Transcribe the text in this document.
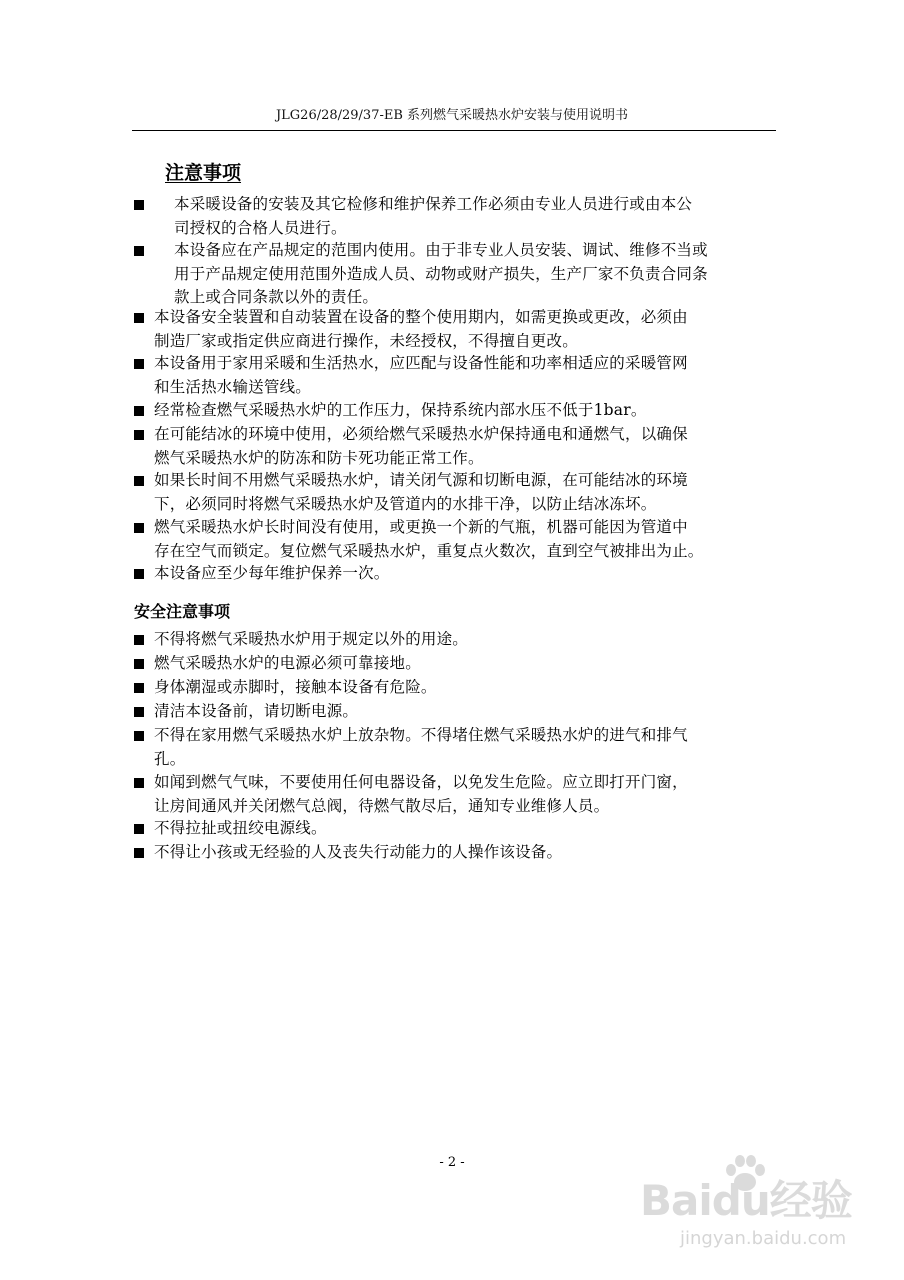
JLG26/28/29/37-EB 系列燃气采暖热水炉安装与使用说明书
注意事项
本采暖设备的安装及其它检修和维护保养工作必须由专业人员进行或由本公
司授权的合格人员进行。
本设备应在产品规定的范围内使用。由于非专业人员安装、调试、维修不当或
用于产品规定使用范围外造成人员、动物或财产损失，生产厂家不负责合同条
款上或合同条款以外的责任。
本设备安全装置和自动装置在设备的整个使用期内，如需更换或更改，必须由
制造厂家或指定供应商进行操作，未经授权，不得擅自更改。
本设备用于家用采暖和生活热水，应匹配与设备性能和功率相适应的采暖管网
和生活热水输送管线。
经常检查燃气采暖热水炉的工作压力，保持系统内部水压不低于1bar。
在可能结冰的环境中使用，必须给燃气采暖热水炉保持通电和通燃气，以确保
燃气采暖热水炉的防冻和防卡死功能正常工作。
如果长时间不用燃气采暖热水炉，请关闭气源和切断电源，在可能结冰的环境
下，必须同时将燃气采暖热水炉及管道内的水排干净，以防止结冰冻坏。
燃气采暖热水炉长时间没有使用，或更换一个新的气瓶，机器可能因为管道中
存在空气而锁定。复位燃气采暖热水炉，重复点火数次，直到空气被排出为止。
本设备应至少每年维护保养一次。
安全注意事项
不得将燃气采暖热水炉用于规定以外的用途。
燃气采暖热水炉的电源必须可靠接地。
身体潮湿或赤脚时，接触本设备有危险。
清洁本设备前，请切断电源。
不得在家用燃气采暖热水炉上放杂物。不得堵住燃气采暖热水炉的进气和排气
孔。
如闻到燃气气味，不要使用任何电器设备，以免发生危险。应立即打开门窗，
让房间通风并关闭燃气总阀，待燃气散尽后，通知专业维修人员。
不得拉扯或扭绞电源线。
不得让小孩或无经验的人及丧失行动能力的人操作该设备。
- 2 -
Baidu经验
jingyan.baidu.com
